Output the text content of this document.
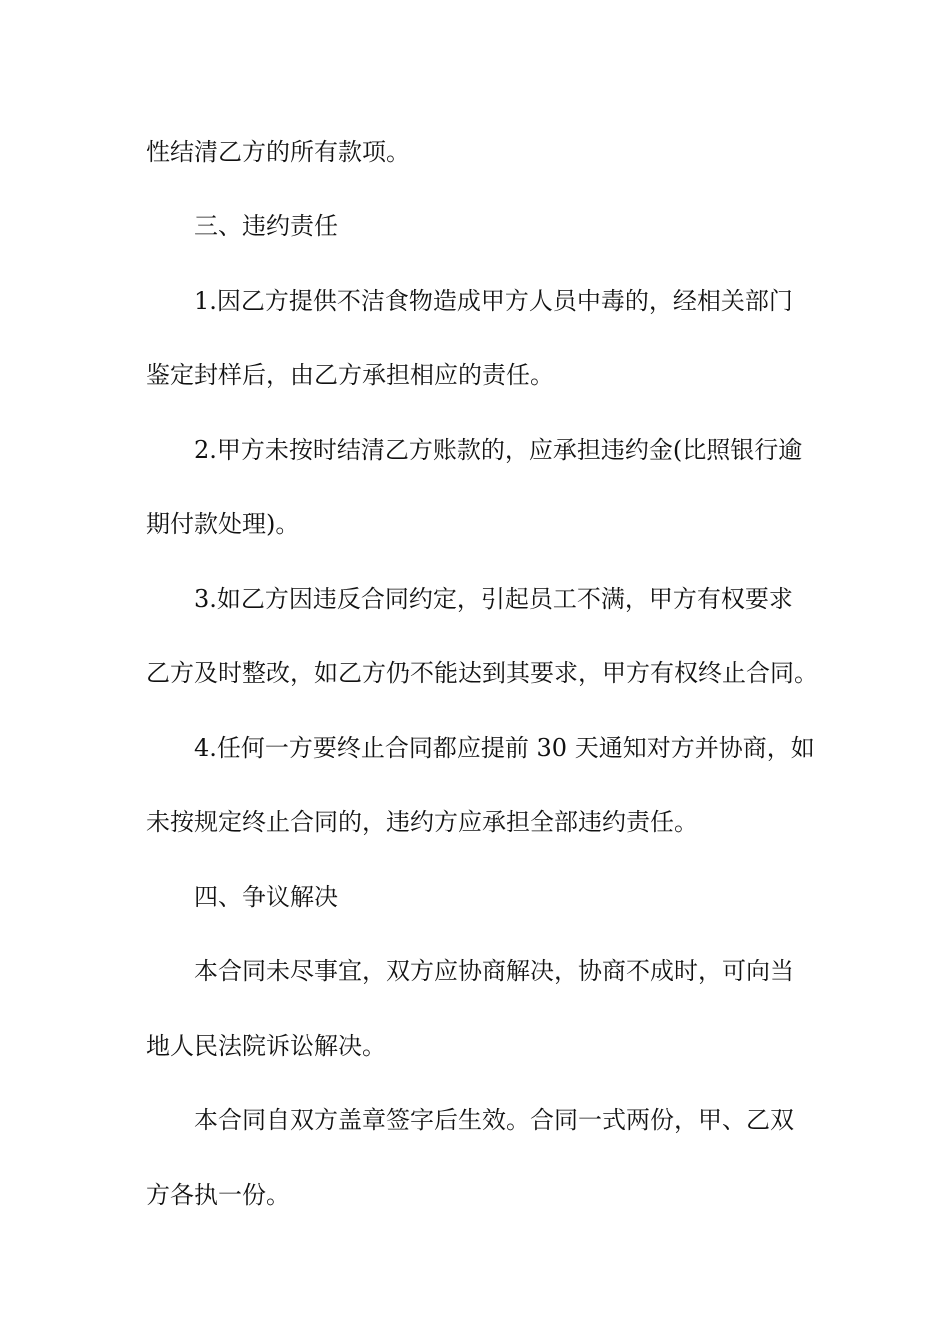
性结清乙方的所有款项。
三、违约责任
1.因乙方提供不洁食物造成甲方人员中毒的，经相关部门
鉴定封样后，由乙方承担相应的责任。
2.甲方未按时结清乙方账款的，应承担违约金(比照银行逾
期付款处理)。
3.如乙方因违反合同约定，引起员工不满，甲方有权要求
乙方及时整改，如乙方仍不能达到其要求，甲方有权终止合同。
4.任何一方要终止合同都应提前 30 天通知对方并协商，如
未按规定终止合同的，违约方应承担全部违约责任。
四、争议解决
本合同未尽事宜，双方应协商解决，协商不成时，可向当
地人民法院诉讼解决。
本合同自双方盖章签字后生效。合同一式两份，甲、乙双
方各执一份。
